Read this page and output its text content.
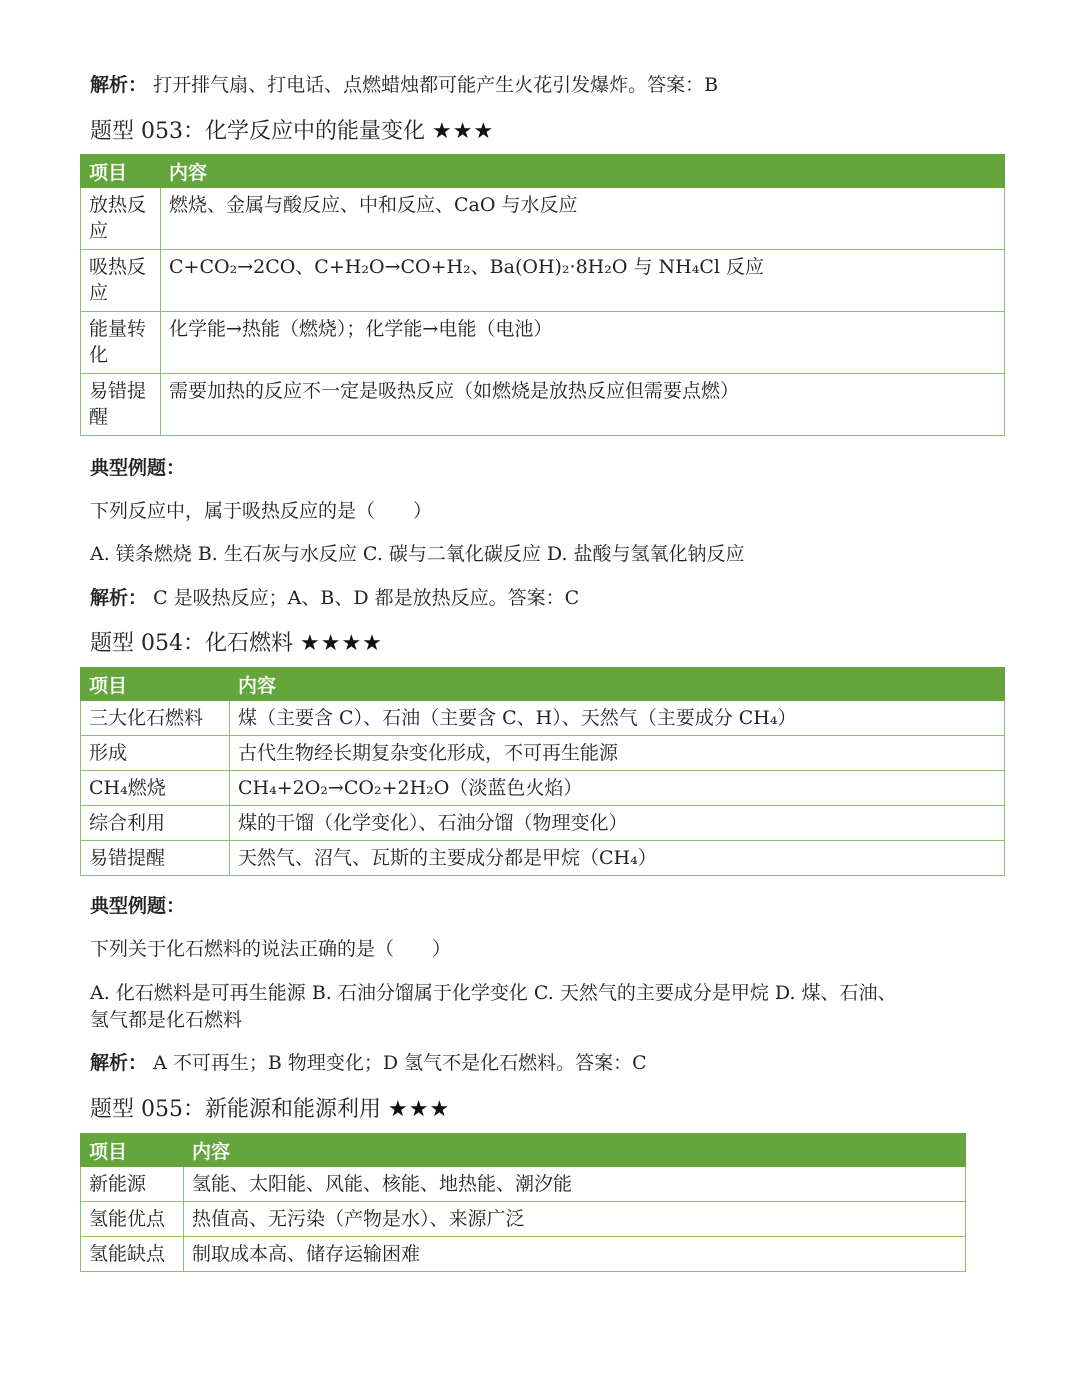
解析： 打开排气扇、打电话、点燃蜡烛都可能产生火花引发爆炸。答案：B
题型 053：化学反应中的能量变化 ★★★
项目	内容
放热反应	燃烧、金属与酸反应、中和反应、CaO 与水反应
吸热反应	C+CO₂→2CO、C+H₂O→CO+H₂、Ba(OH)₂·8H₂O 与 NH₄Cl 反应
能量转化	化学能→热能（燃烧）；化学能→电能（电池）
易错提醒	需要加热的反应不一定是吸热反应（如燃烧是放热反应但需要点燃）
典型例题：
下列反应中，属于吸热反应的是（　　）
A. 镁条燃烧 B. 生石灰与水反应 C. 碳与二氧化碳反应 D. 盐酸与氢氧化钠反应
解析： C 是吸热反应；A、B、D 都是放热反应。答案：C
题型 054：化石燃料 ★★★★
项目	内容
三大化石燃料	煤（主要含 C）、石油（主要含 C、H）、天然气（主要成分 CH₄）
形成	古代生物经长期复杂变化形成，不可再生能源
CH₄燃烧	CH₄+2O₂→CO₂+2H₂O（淡蓝色火焰）
综合利用	煤的干馏（化学变化）、石油分馏（物理变化）
易错提醒	天然气、沼气、瓦斯的主要成分都是甲烷（CH₄）
典型例题：
下列关于化石燃料的说法正确的是（　　）
A. 化石燃料是可再生能源 B. 石油分馏属于化学变化 C. 天然气的主要成分是甲烷 D. 煤、石油、
氢气都是化石燃料
解析： A 不可再生；B 物理变化；D 氢气不是化石燃料。答案：C
题型 055：新能源和能源利用 ★★★
项目	内容
新能源	氢能、太阳能、风能、核能、地热能、潮汐能
氢能优点	热值高、无污染（产物是水）、来源广泛
氢能缺点	制取成本高、储存运输困难
